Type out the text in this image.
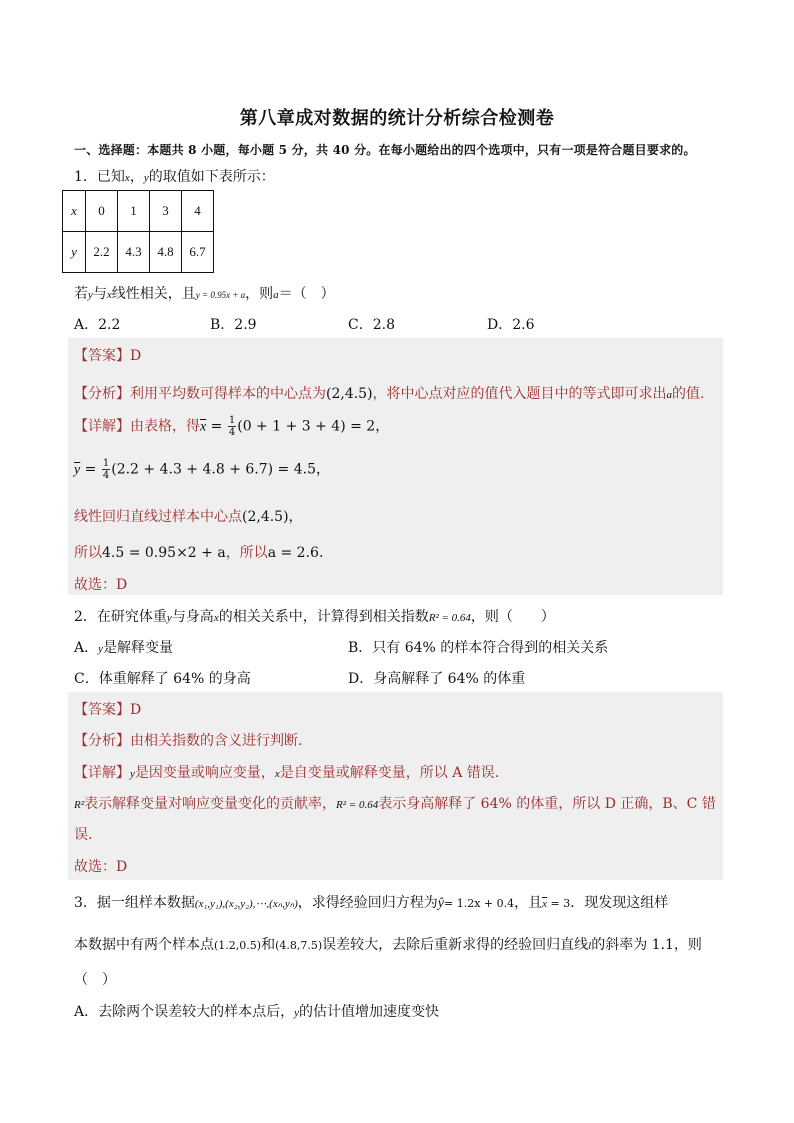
第八章成对数据的统计分析综合检测卷
一、选择题：本题共 8 小题，每小题 5 分，共 40 分。在每小题给出的四个选项中，只有一项是符合题目要求的。
1．已知x，y的取值如下表所示：
x	0	1	3	4
y	2.2	4.3	4.8	6.7
若y与x线性相关，且y = 0.95x + a，则a＝（　）
A．2.2	B．2.9	C．2.8	D．2.6
【答案】D
【分析】利用平均数可得样本的中心点为(2,4.5)，将中心点对应的值代入题目中的等式即可求出a的值.
【详解】由表格，得$\overline{x} = \frac{1}{4} (0 + 1 + 3 + 4) = 2$，
$\overline{y} = \frac{1}{4} (2.2 + 4.3 + 4.8 + 6.7) = 4.5$，
线性回归直线过样本中心点(2,4.5)，
所以4.5 = 0.95×2 + a，所以a = 2.6.
故选：D
2．在研究体重y与身高x的相关关系中，计算得到相关指数R² = 0.64，则（　　）
A．y是解释变量	B．只有 64% 的样本符合得到的相关关系
C．体重解释了 64% 的身高	D．身高解释了 64% 的体重
【答案】D
【分析】由相关指数的含义进行判断.
【详解】y是因变量或响应变量，x是自变量或解释变量，所以 A 错误.
R²表示解释变量对响应变量变化的贡献率，R² = 0.64表示身高解释了 64% 的体重，所以 D 正确，B、C 错
误.
故选：D
3．据一组样本数据(x₁,y₁),(x₂,y₂),⋯,(xₙ,yₙ)，求得经验回归方程为ŷ= 1.2x + 0.4，且$\overline{x} = 3$．现发现这组样
本数据中有两个样本点(1.2,0.5)和(4.8,7.5)误差较大，去除后重新求得的经验回归直线l的斜率为 1.1，则
（　）
A．去除两个误差较大的样本点后，y的估计值增加速度变快
